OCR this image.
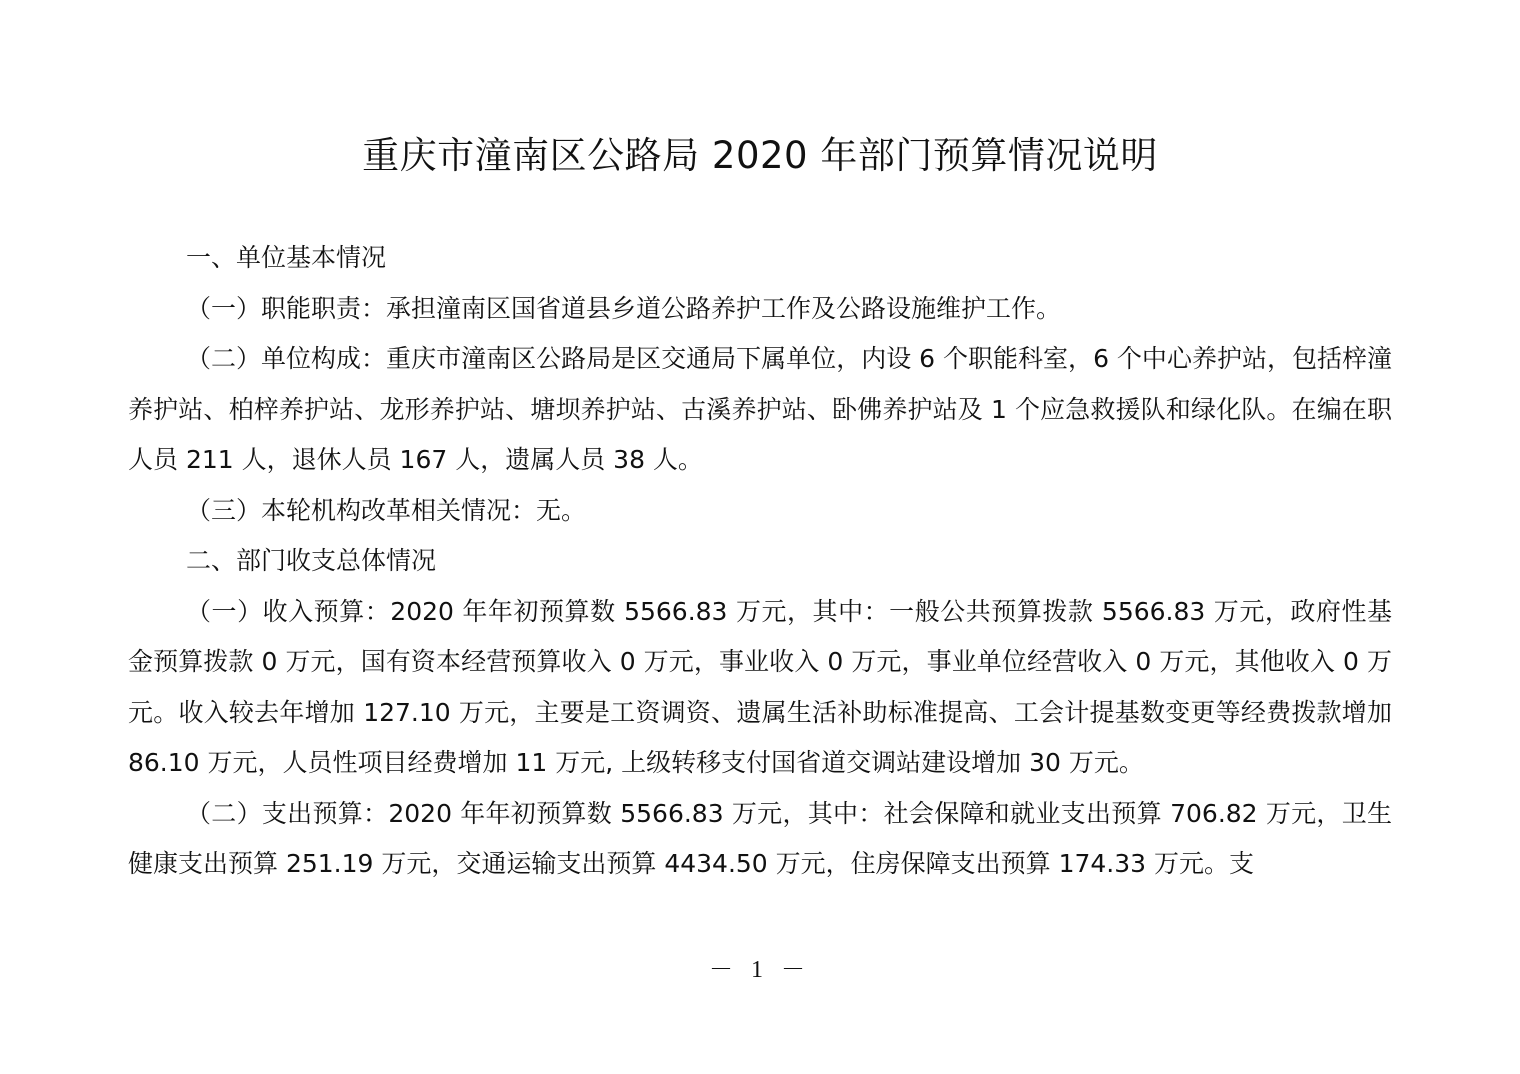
重庆市潼南区公路局 2020 年部门预算情况说明

一、单位基本情况

（一）职能职责：承担潼南区国省道县乡道公路养护工作及公路设施维护工作。

（二）单位构成：重庆市潼南区公路局是区交通局下属单位，内设 6 个职能科室，6 个中心养护站，包括梓潼养护站、柏梓养护站、龙形养护站、塘坝养护站、古溪养护站、卧佛养护站及 1 个应急救援队和绿化队。在编在职人员 211 人，退休人员 167 人，遗属人员 38 人。

（三）本轮机构改革相关情况：无。

二、部门收支总体情况

（一）收入预算：2020 年年初预算数 5566.83 万元，其中：一般公共预算拨款 5566.83 万元，政府性基金预算拨款 0 万元，国有资本经营预算收入 0 万元，事业收入 0 万元，事业单位经营收入 0 万元，其他收入 0 万元。收入较去年增加 127.10 万元，主要是工资调资、遗属生活补助标准提高、工会计提基数变更等经费拨款增加 86.10 万元，人员性项目经费增加 11 万元, 上级转移支付国省道交调站建设增加 30 万元。

（二）支出预算：2020 年年初预算数 5566.83 万元，其中：社会保障和就业支出预算 706.82 万元，卫生健康支出预算 251.19 万元，交通运输支出预算 4434.50 万元，住房保障支出预算 174.33 万元。支

－ 1 －
